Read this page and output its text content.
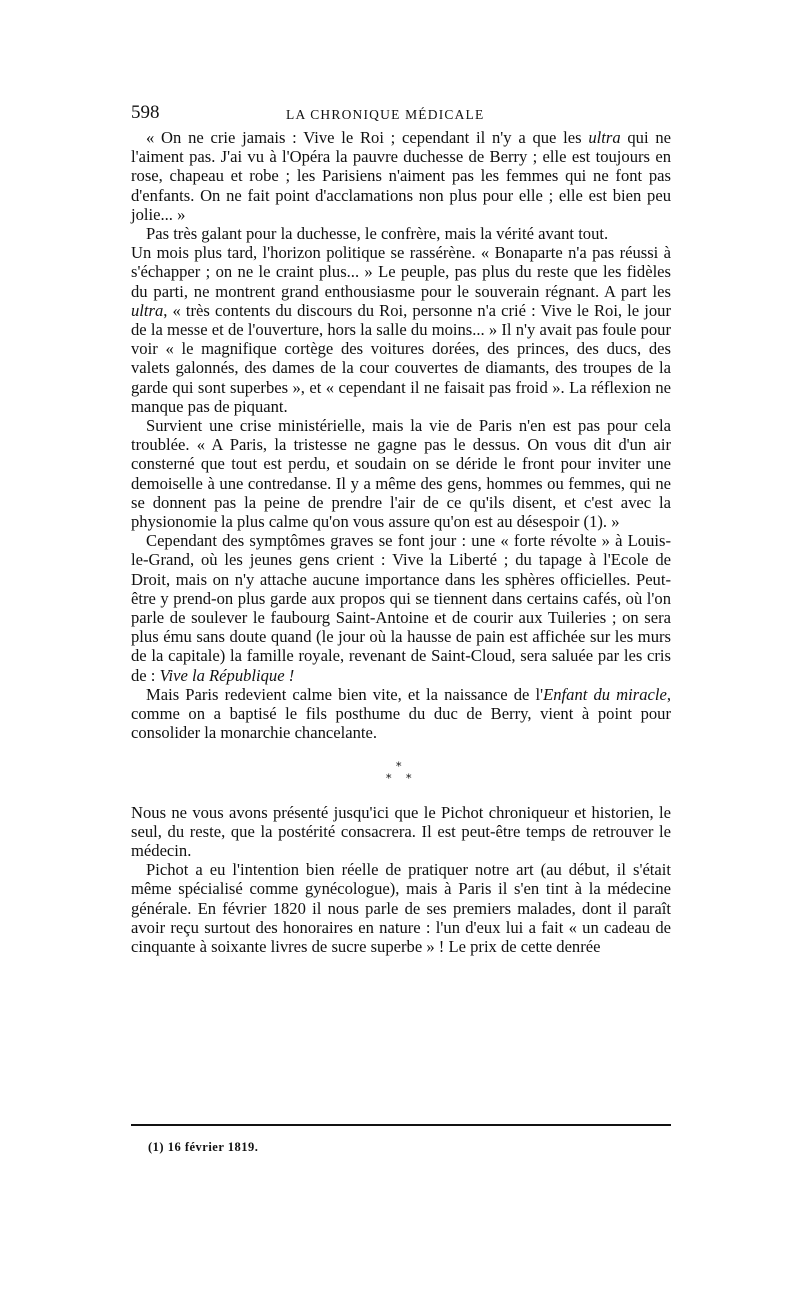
598	LA CHRONIQUE MÉDICALE

« On ne crie jamais : Vive le Roi ; cependant il n'y a que les ultra qui ne l'aiment pas. J'ai vu à l'Opéra la pauvre duchesse de Berry ; elle est toujours en rose, chapeau et robe ; les Parisiens n'aiment pas les femmes qui ne font pas d'enfants. On ne fait point d'acclamations non plus pour elle ; elle est bien peu jolie... »

Pas très galant pour la duchesse, le confrère, mais la vérité avant tout.

Un mois plus tard, l'horizon politique se rassérène. « Bonaparte n'a pas réussi à s'échapper ; on ne le craint plus... » Le peuple, pas plus du reste que les fidèles du parti, ne montrent grand enthousiasme pour le souverain régnant. A part les ultra, « très contents du discours du Roi, personne n'a crié : Vive le Roi, le jour de la messe et de l'ouverture, hors la salle du moins... » Il n'y avait pas foule pour voir « le magnifique cortège des voitures dorées, des princes, des ducs, des valets galonnés, des dames de la cour couvertes de diamants, des troupes de la garde qui sont superbes », et « cependant il ne faisait pas froid ». La réflexion ne manque pas de piquant.

Survient une crise ministérielle, mais la vie de Paris n'en est pas pour cela troublée. « A Paris, la tristesse ne gagne pas le dessus. On vous dit d'un air consterné que tout est perdu, et soudain on se déride le front pour inviter une demoiselle à une contredanse. Il y a même des gens, hommes ou femmes, qui ne se donnent pas la peine de prendre l'air de ce qu'ils disent, et c'est avec la physionomie la plus calme qu'on vous assure qu'on est au désespoir (1). »

Cependant des symptômes graves se font jour : une « forte révolte » à Louis-le-Grand, où les jeunes gens crient : Vive la Liberté ; du tapage à l'Ecole de Droit, mais on n'y attache aucune importance dans les sphères officielles. Peut-être y prend-on plus garde aux propos qui se tiennent dans certains cafés, où l'on parle de soulever le faubourg Saint-Antoine et de courir aux Tuileries ; on sera plus ému sans doute quand (le jour où la hausse de pain est affichée sur les murs de la capitale) la famille royale, revenant de Saint-Cloud, sera saluée par les cris de : Vive la République !

Mais Paris redevient calme bien vite, et la naissance de l'Enfant du miracle, comme on a baptisé le fils posthume du duc de Berry, vient à point pour consolider la monarchie chancelante.

*
* *

Nous ne vous avons présenté jusqu'ici que le Pichot chroniqueur et historien, le seul, du reste, que la postérité consacrera. Il est peut-être temps de retrouver le médecin.

Pichot a eu l'intention bien réelle de pratiquer notre art (au début, il s'était même spécialisé comme gynécologue), mais à Paris il s'en tint à la médecine générale. En février 1820 il nous parle de ses premiers malades, dont il paraît avoir reçu surtout des honoraires en nature : l'un d'eux lui a fait « un cadeau de cinquante à soixante livres de sucre superbe » ! Le prix de cette denrée

(1) 16 février 1819.
